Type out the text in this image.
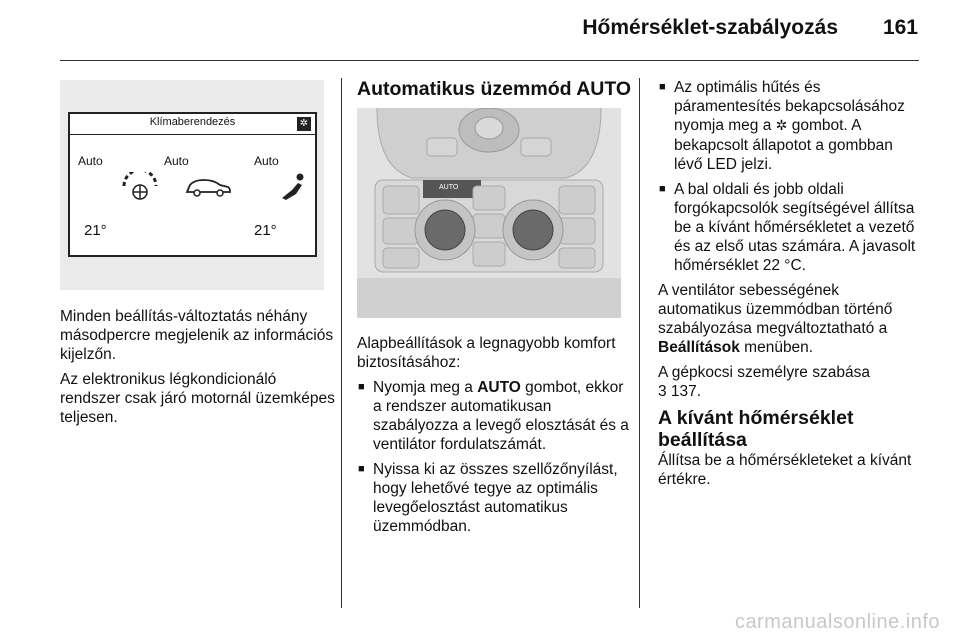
Hőmérséklet-szabályozás 161
Klímaberendezés	✲
Auto	Auto	Auto
21°	21°
AUTO

Minden beállítás-változtatás néhány másodpercre megjelenik az információs kijelzőn.

Az elektronikus légkondicionáló rendszer csak járó motornál üzemképes teljesen.

Automatikus üzemmód AUTO

Alapbeállítások a legnagyobb komfort biztosításához:

■ Nyomja meg a AUTO gombot, ekkor a rendszer automatikusan szabályozza a levegő elosztását és a ventilátor fordulatszámát.
■ Nyissa ki az összes szellőzőnyílást, hogy lehetővé tegye az optimális levegőelosztást automatikus üzemmódban.
■ Az optimális hűtés és páramentesítés bekapcsolásához nyomja meg a ✲ gombot. A bekapcsolt állapotot a gombban lévő LED jelzi.
■ A bal oldali és jobb oldali forgókapcsolók segítségével állítsa be a kívánt hőmérsékletet a vezető és az első utas számára. A javasolt hőmérséklet 22 °C.

A ventilátor sebességének automatikus üzemmódban történő szabályozása megváltoztatható a Beállítások menüben.

A gépkocsi személyre szabása
3 137.

A kívánt hőmérséklet beállítása

Állítsa be a hőmérsékleteket a kívánt értékre.

carmanualsonline.info
